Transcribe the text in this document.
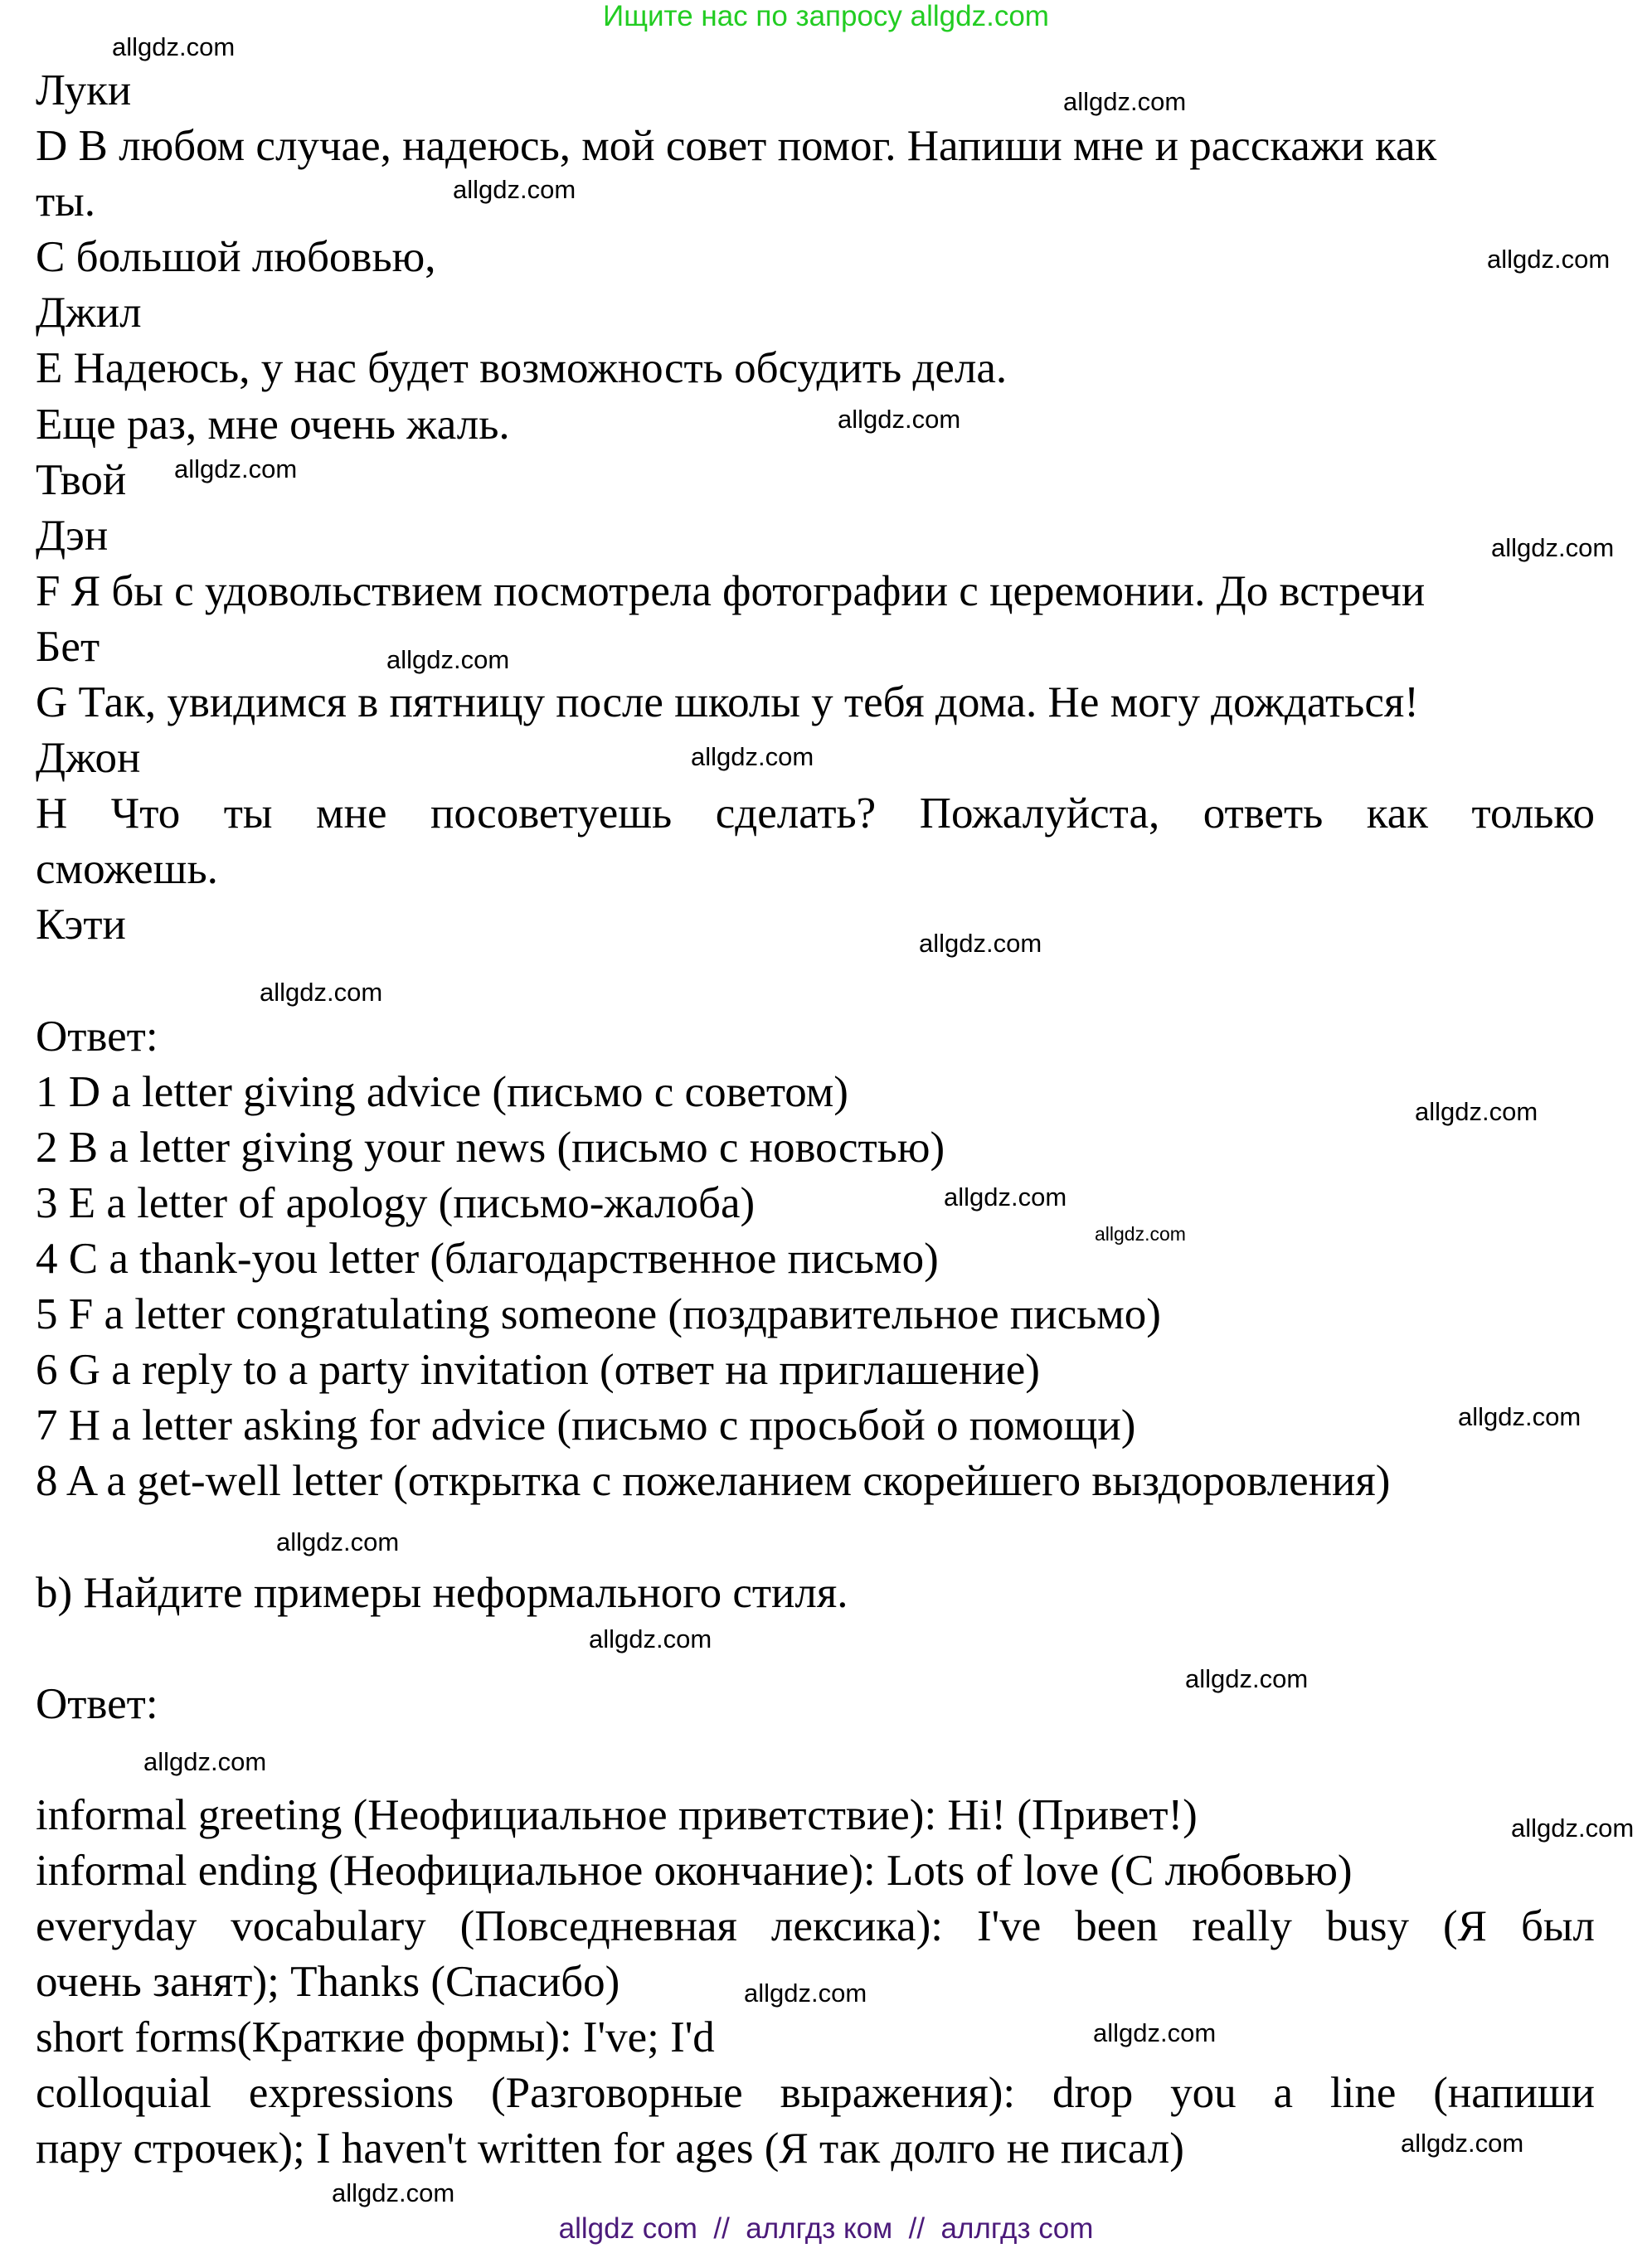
Ищите нас по запросу allgdz.com
Луки
D В любом случае, надеюсь, мой совет помог. Напиши мне и расскажи как
ты.
С большой любовью,
Джил
E Надеюсь, у нас будет возможность обсудить дела.
Еще раз, мне очень жаль.
Твой
Дэн
F Я бы с удовольствием посмотрела фотографии с церемонии. До встречи
Бет
G Так, увидимся в пятницу после школы у тебя дома. Не могу дождаться!
Джон
H Что ты мне посоветуешь сделать? Пожалуйста, ответь как только
сможешь.
Кэти
Ответ:
1 D a letter giving advice (письмо с советом)
2 B a letter giving your news (письмо с новостью)
3 E a letter of apology (письмо-жалоба)
4 C a thank-you letter (благодарственное письмо)
5 F a letter congratulating someone (поздравительное письмо)
6 G a reply to a party invitation (ответ на приглашение)
7 H a letter asking for advice (письмо с просьбой о помощи)
8 A a get-well letter (открытка с пожеланием скорейшего выздоровления)
b) Найдите примеры неформального стиля.
Ответ:
informal greeting (Неофициальное приветствие): Hi! (Привет!)
informal ending (Неофициальное окончание): Lots of love (С любовью)
everyday vocabulary (Повседневная лексика): I've been really busy (Я был
очень занят); Thanks (Спасибо)
short forms(Краткие формы): I've; I'd
colloquial expressions (Разговорные выражения): drop you a line (напиши
пару строчек); I haven't written for ages (Я так долго не писал)
allgdz.com
allgdz.com
allgdz.com
allgdz.com
allgdz.com
allgdz.com
allgdz.com
allgdz.com
allgdz.com
allgdz.com
allgdz.com
allgdz.com
allgdz.com
allgdz.com
allgdz.com
allgdz.com
allgdz.com
allgdz.com
allgdz.com
allgdz.com
allgdz.com
allgdz.com
allgdz.com
allgdz.com
allgdz com  //  аллгдз ком  //  аллгдз com
